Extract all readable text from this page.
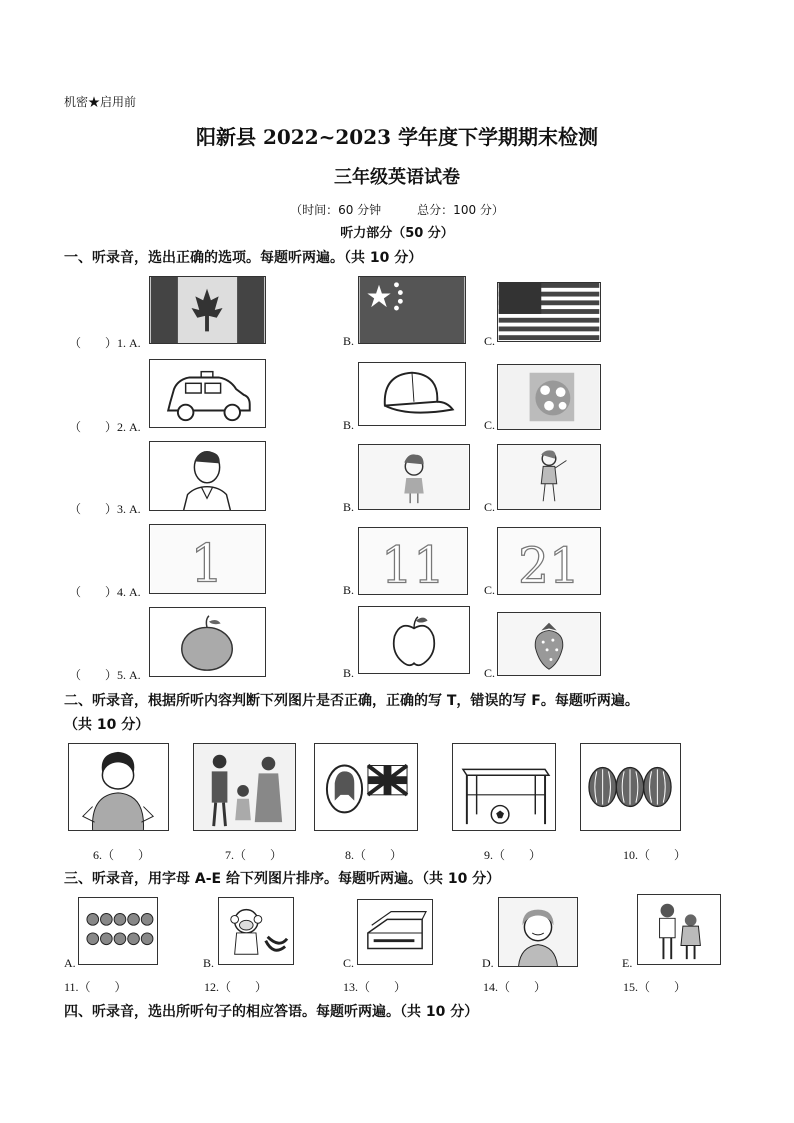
机密★启用前
阳新县 2022~2023 学年度下学期期末检测
三年级英语试卷
（时间：60 分钟　　　总分：100 分）
听力部分（50 分）
一、听录音，选出正确的选项。每题听两遍。（共 10 分）
（　　）1. A.	B.	C.
（　　）2. A.	B.	C.
（　　）3. A.	B.	C.
1	11 21
（　　）4. A.	B.	C.
（　　）5. A.	B.	C.
二、听录音，根据所听内容判断下列图片是否正确，正确的写 T，错误的写 F。每题听两遍。
（共 10 分）
6.（　　）	7.（　　）	8.（　　）	9.（　　）	10.（　　）
三、听录音，用字母 A-E 给下列图片排序。每题听两遍。（共 10 分）
A.	B.	C.	D.	E.
11.（　　）	12.（　　）	13.（　　）	14.（　　）	15.（　　）
四、听录音，选出所听句子的相应答语。每题听两遍。（共 10 分）
